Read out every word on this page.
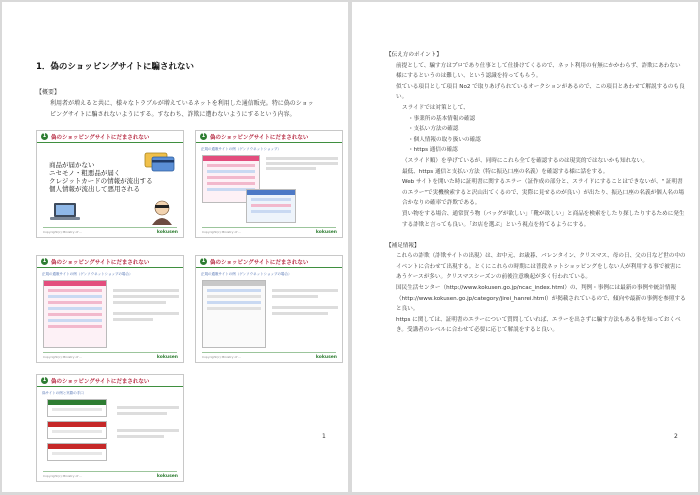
1．偽のショッピングサイトに騙されない
【概要】
利用者が増えると共に、様々なトラブルが増えているネットを利用した通信販売。特に偽のショッピングサイトに騙されないようにする。すなわち、詐欺に遭わないようにするという内容。
1 偽のショッピングサイトにだまされない
商品が届かない
ニセモノ・粗悪品が届く
クレジットカードの情報が流出する
個人情報が流出して悪用される
Copyright(c) Ministry of ...	kokusen
1 偽のショッピングサイトにだまされない
正規の通販サイトの例（ゲンソウネットショップ）
Copyright(c) Ministry of ...	kokusen
1 偽のショッピングサイトにだまされない
正規の通販サイトの例（ゲンソウネットショップの場合）
Copyright(c) Ministry of ...	kokusen
1 偽のショッピングサイトにだまされない
正規の通販サイトの例（ゲンソウネットショップの場合）
Copyright(c) Ministry of ...	kokusen
1 偽のショッピングサイトにだまされない
偽サイトの例と実際の手口
Copyright(c) Ministry of ...	kokusen
1

【伝え方のポイント】

前提として、騙す方はプロであり仕事として仕掛けてくるので、ネット利用の有無にかかわらず、詐欺にあわない様にするというのは難しい、という認識を持ってもらう。

似ている項目として項目 No2 で取りあげられているオークションがあるので、この項目とあわせて解説するのも良い。

スライドでは対策として、

・事業所の基本情報の確認

・支払い方法の確認

・個人情報の取り扱いの確認

・https 通信の確認

（スライド順）を挙げているが、同時にこれら全てを確認するのは現実的ではないかも知れない。

最低、https 通信と支払い方法（特に振込口座の名義）を確認する様に話をする。

Web サイトを開いた時に証明書に関するエラー（証作成の部分と、スライドにすることはできないが、" 証明書のエラー"で実機検索すると沢山出てくるので、実際に見せるのが良い）が出たり、振込口座の名義が個人名の場合かなりの確率で詐欺である。

買い物をする場合、通常買う物（バッグが欲しい」「靴が欲しい」と商品を検索をしたり探したりするために発生する詐欺と言っても良い。「お店を選ぶ」という視点を持てるようにする。

【補足情報】

これらの詐欺（詐欺サイトの出現）は、お中元、お歳暮、バレンタイン、クリスマス、母の日、父の日など世の中のイベントに合わせて出現する。とくにこれらの時期には普段ネットショッピングをしない人が利用する事で被害にあうケースが多い。クリスマスシーズンの前後注意喚起が多く行われている。

国民生活センター（http://www.kokusen.go.jp/ncac_index.html）の、判例・事例には最新の事例や統計情報（http://www.kokusen.go.jp/category/jirei_hanrei.html）が掲載されているので、傾向や最新の事例を参照すると良い。

https に関しては、証明書のエラーについて質問していれば、エラーを出さずに騙す方法もある事を知っておくべき。受講者のレベルに合わせて必要に応じて解説をすると良い。

2
